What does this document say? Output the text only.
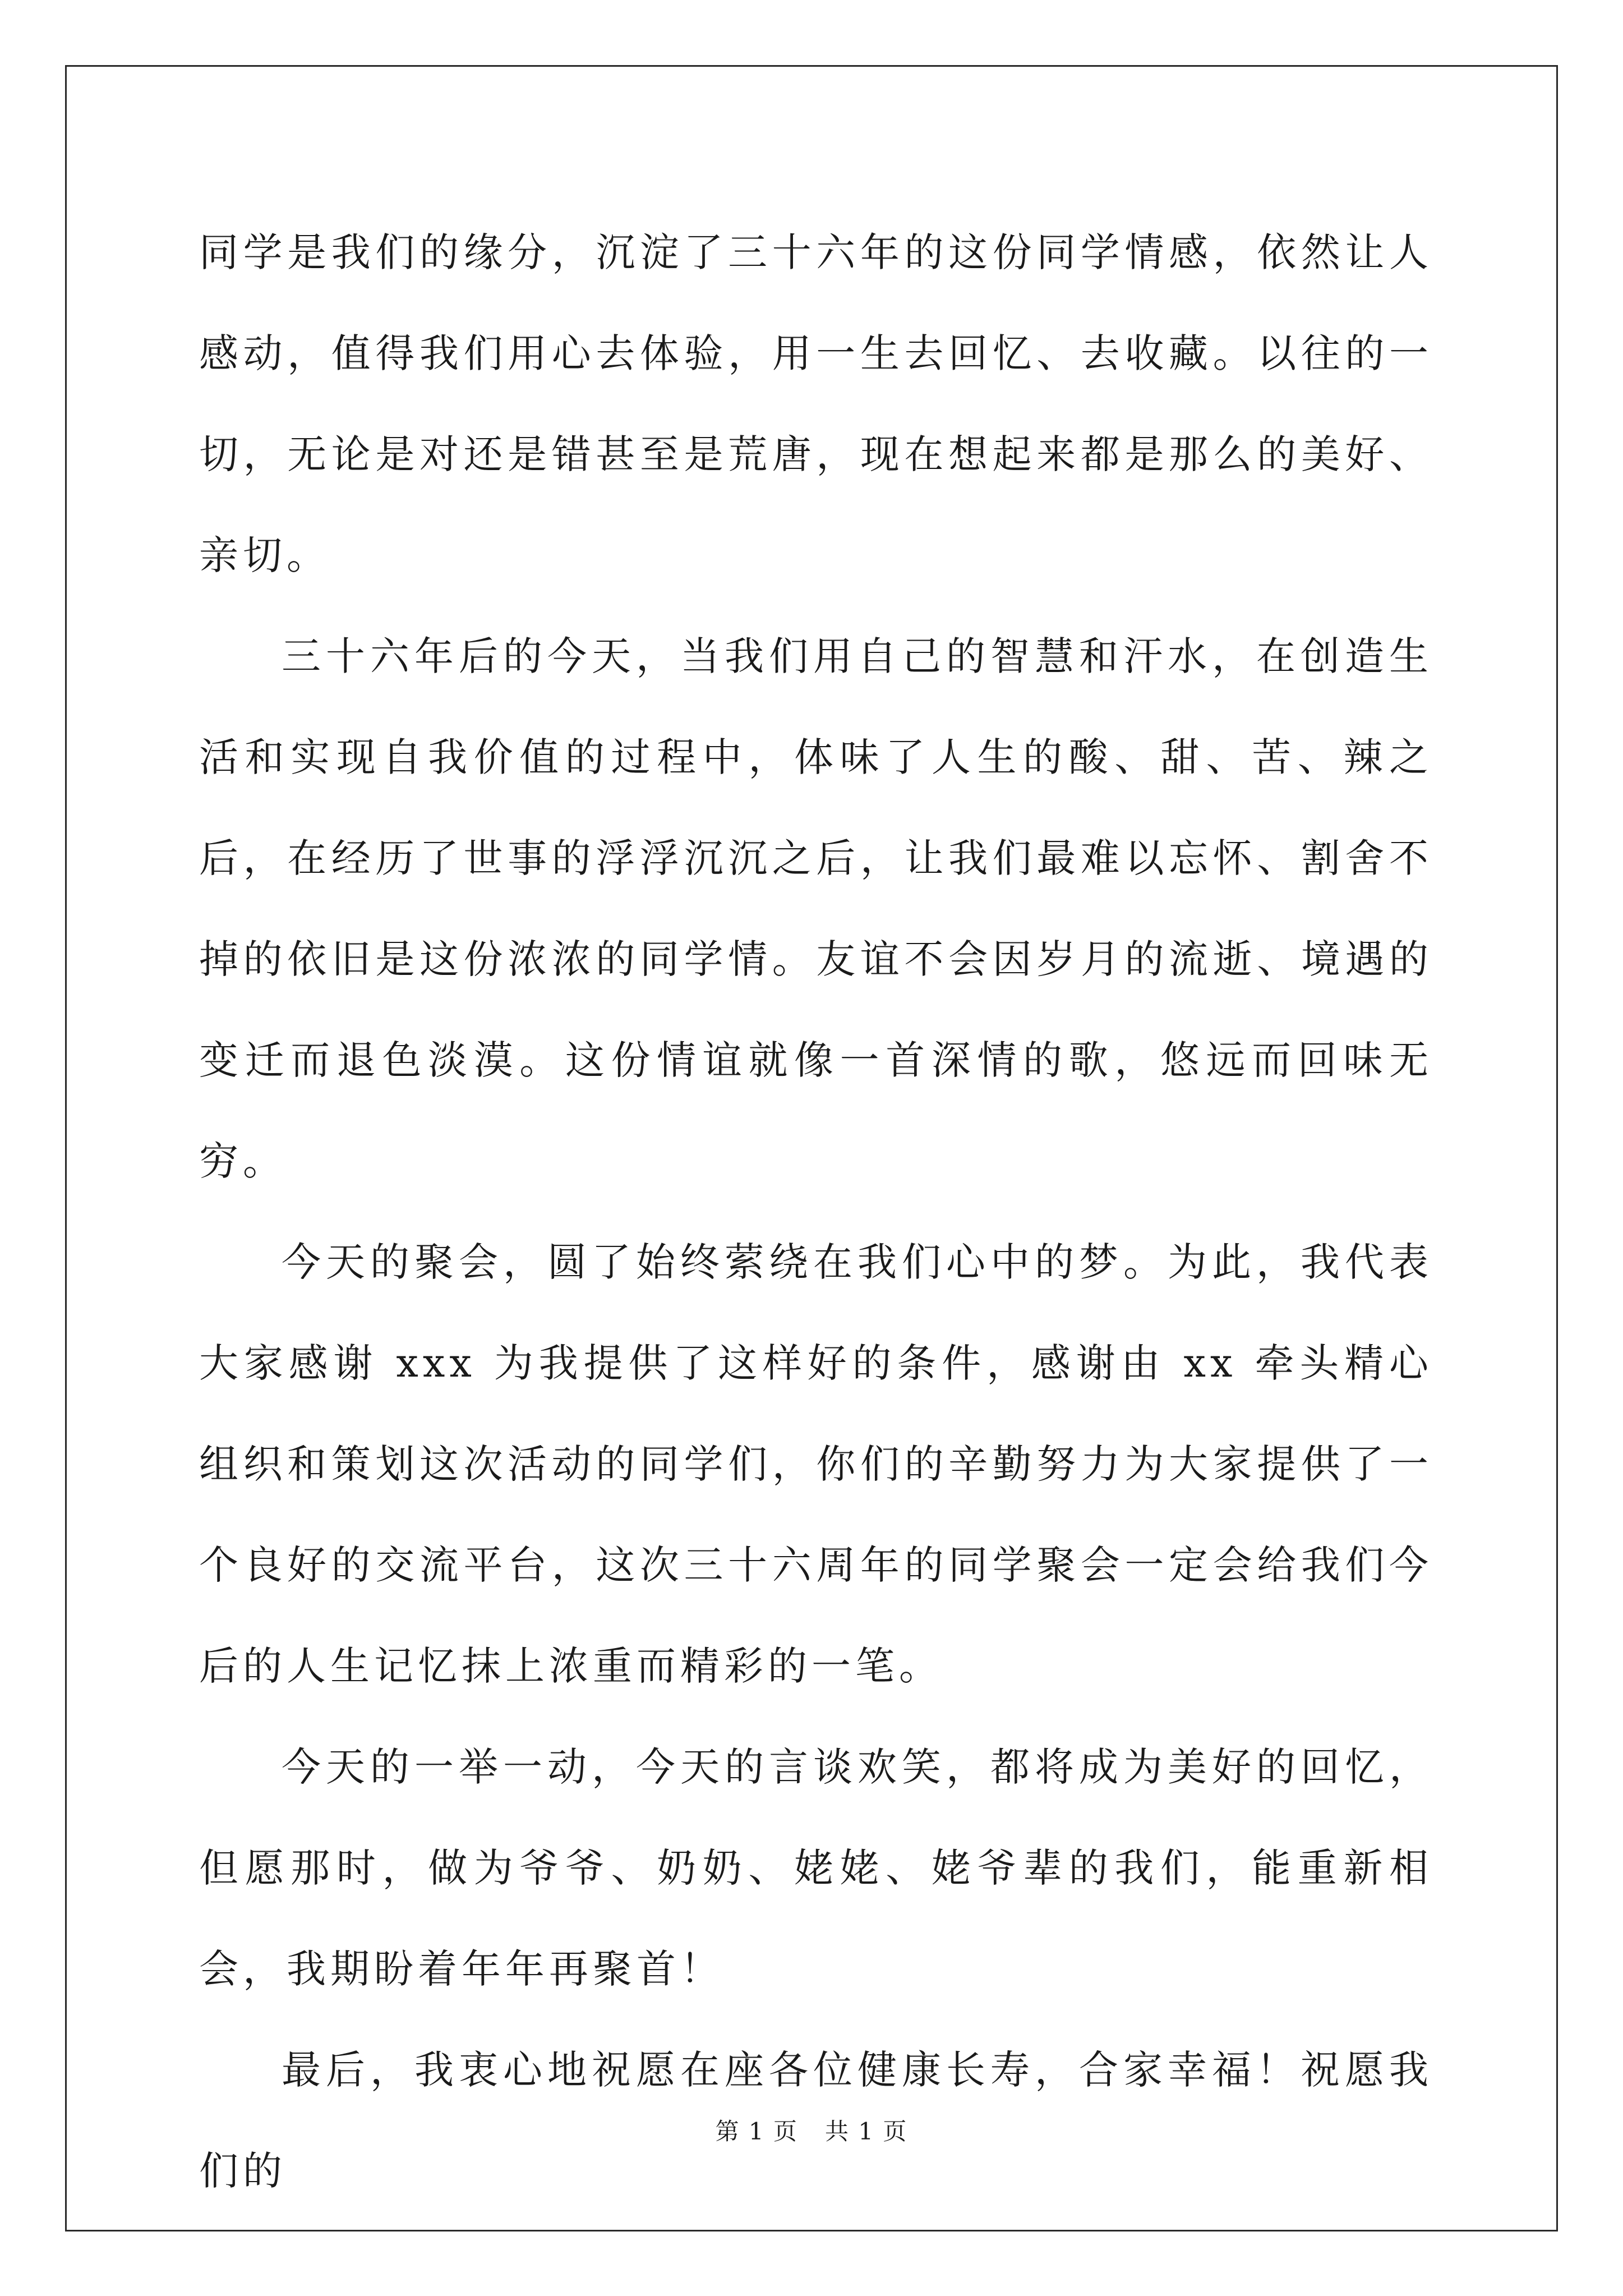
同学是我们的缘分，沉淀了三十六年的这份同学情感，依然让人感动，值得我们用心去体验，用一生去回忆、去收藏。以往的一切，无论是对还是错甚至是荒唐，现在想起来都是那么的美好、亲切。

三十六年后的今天，当我们用自己的智慧和汗水，在创造生活和实现自我价值的过程中，体味了人生的酸、甜、苦、辣之后，在经历了世事的浮浮沉沉之后，让我们最难以忘怀、割舍不掉的依旧是这份浓浓的同学情。友谊不会因岁月的流逝、境遇的变迁而退色淡漠。这份情谊就像一首深情的歌，悠远而回味无穷。

今天的聚会，圆了始终萦绕在我们心中的梦。为此，我代表大家感谢 xxx 为我提供了这样好的条件，感谢由 xx 牵头精心组织和策划这次活动的同学们，你们的辛勤努力为大家提供了一个良好的交流平台，这次三十六周年的同学聚会一定会给我们今后的人生记忆抹上浓重而精彩的一笔。

今天的一举一动，今天的言谈欢笑，都将成为美好的回忆，但愿那时，做为爷爷、奶奶、姥姥、姥爷辈的我们，能重新相会，我期盼着年年再聚首！

最后，我衷心地祝愿在座各位健康长寿，合家幸福！祝愿我们的

第 1 页 共 1 页
